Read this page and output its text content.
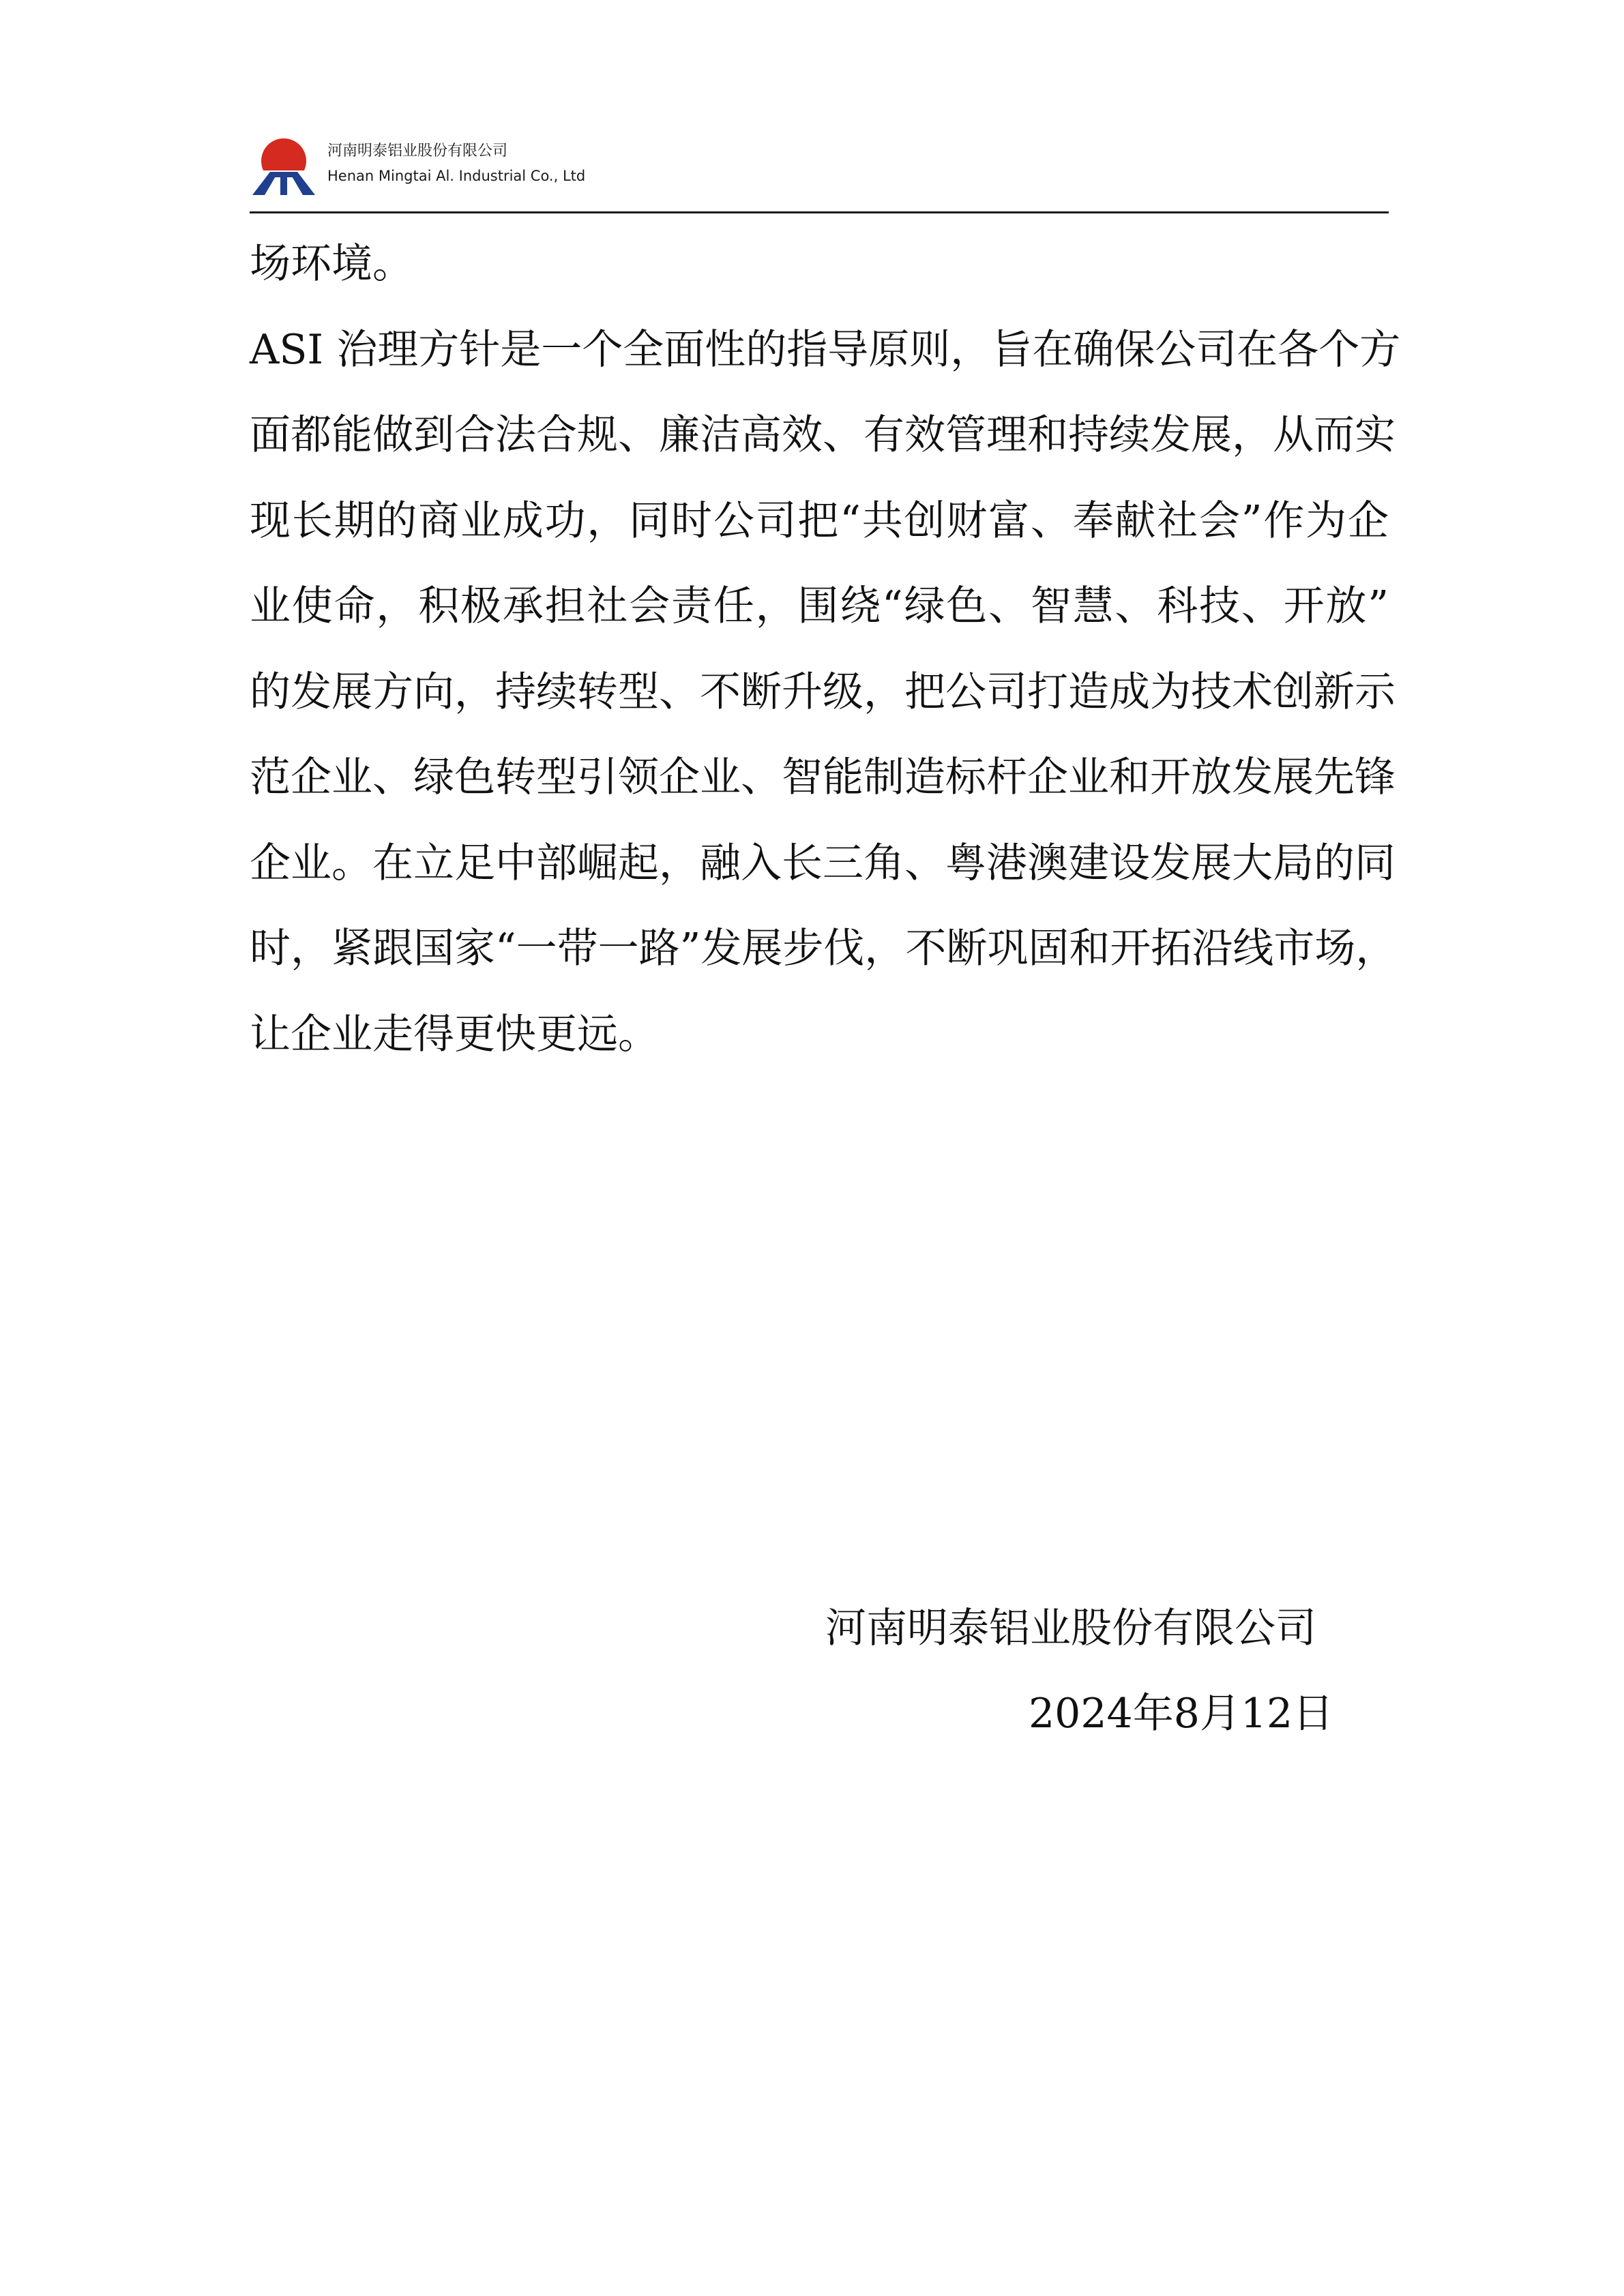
河南明泰铝业股份有限公司
Henan Mingtai Al. Industrial Co., Ltd
场环境。
ASI 治理方针是一个全面性的指导原则，旨在确保公司在各个方
面都能做到合法合规、廉洁高效、有效管理和持续发展，从而实
现长期的商业成功，同时公司把“共创财富、奉献社会”作为企
业使命，积极承担社会责任，围绕“绿色、智慧、科技、开放”
的发展方向，持续转型、不断升级，把公司打造成为技术创新示
范企业、绿色转型引领企业、智能制造标杆企业和开放发展先锋
企业。在立足中部崛起，融入长三角、粤港澳建设发展大局的同
时，紧跟国家“一带一路”发展步伐，不断巩固和开拓沿线市场，
让企业走得更快更远。
河南明泰铝业股份有限公司
2024年8月12日
